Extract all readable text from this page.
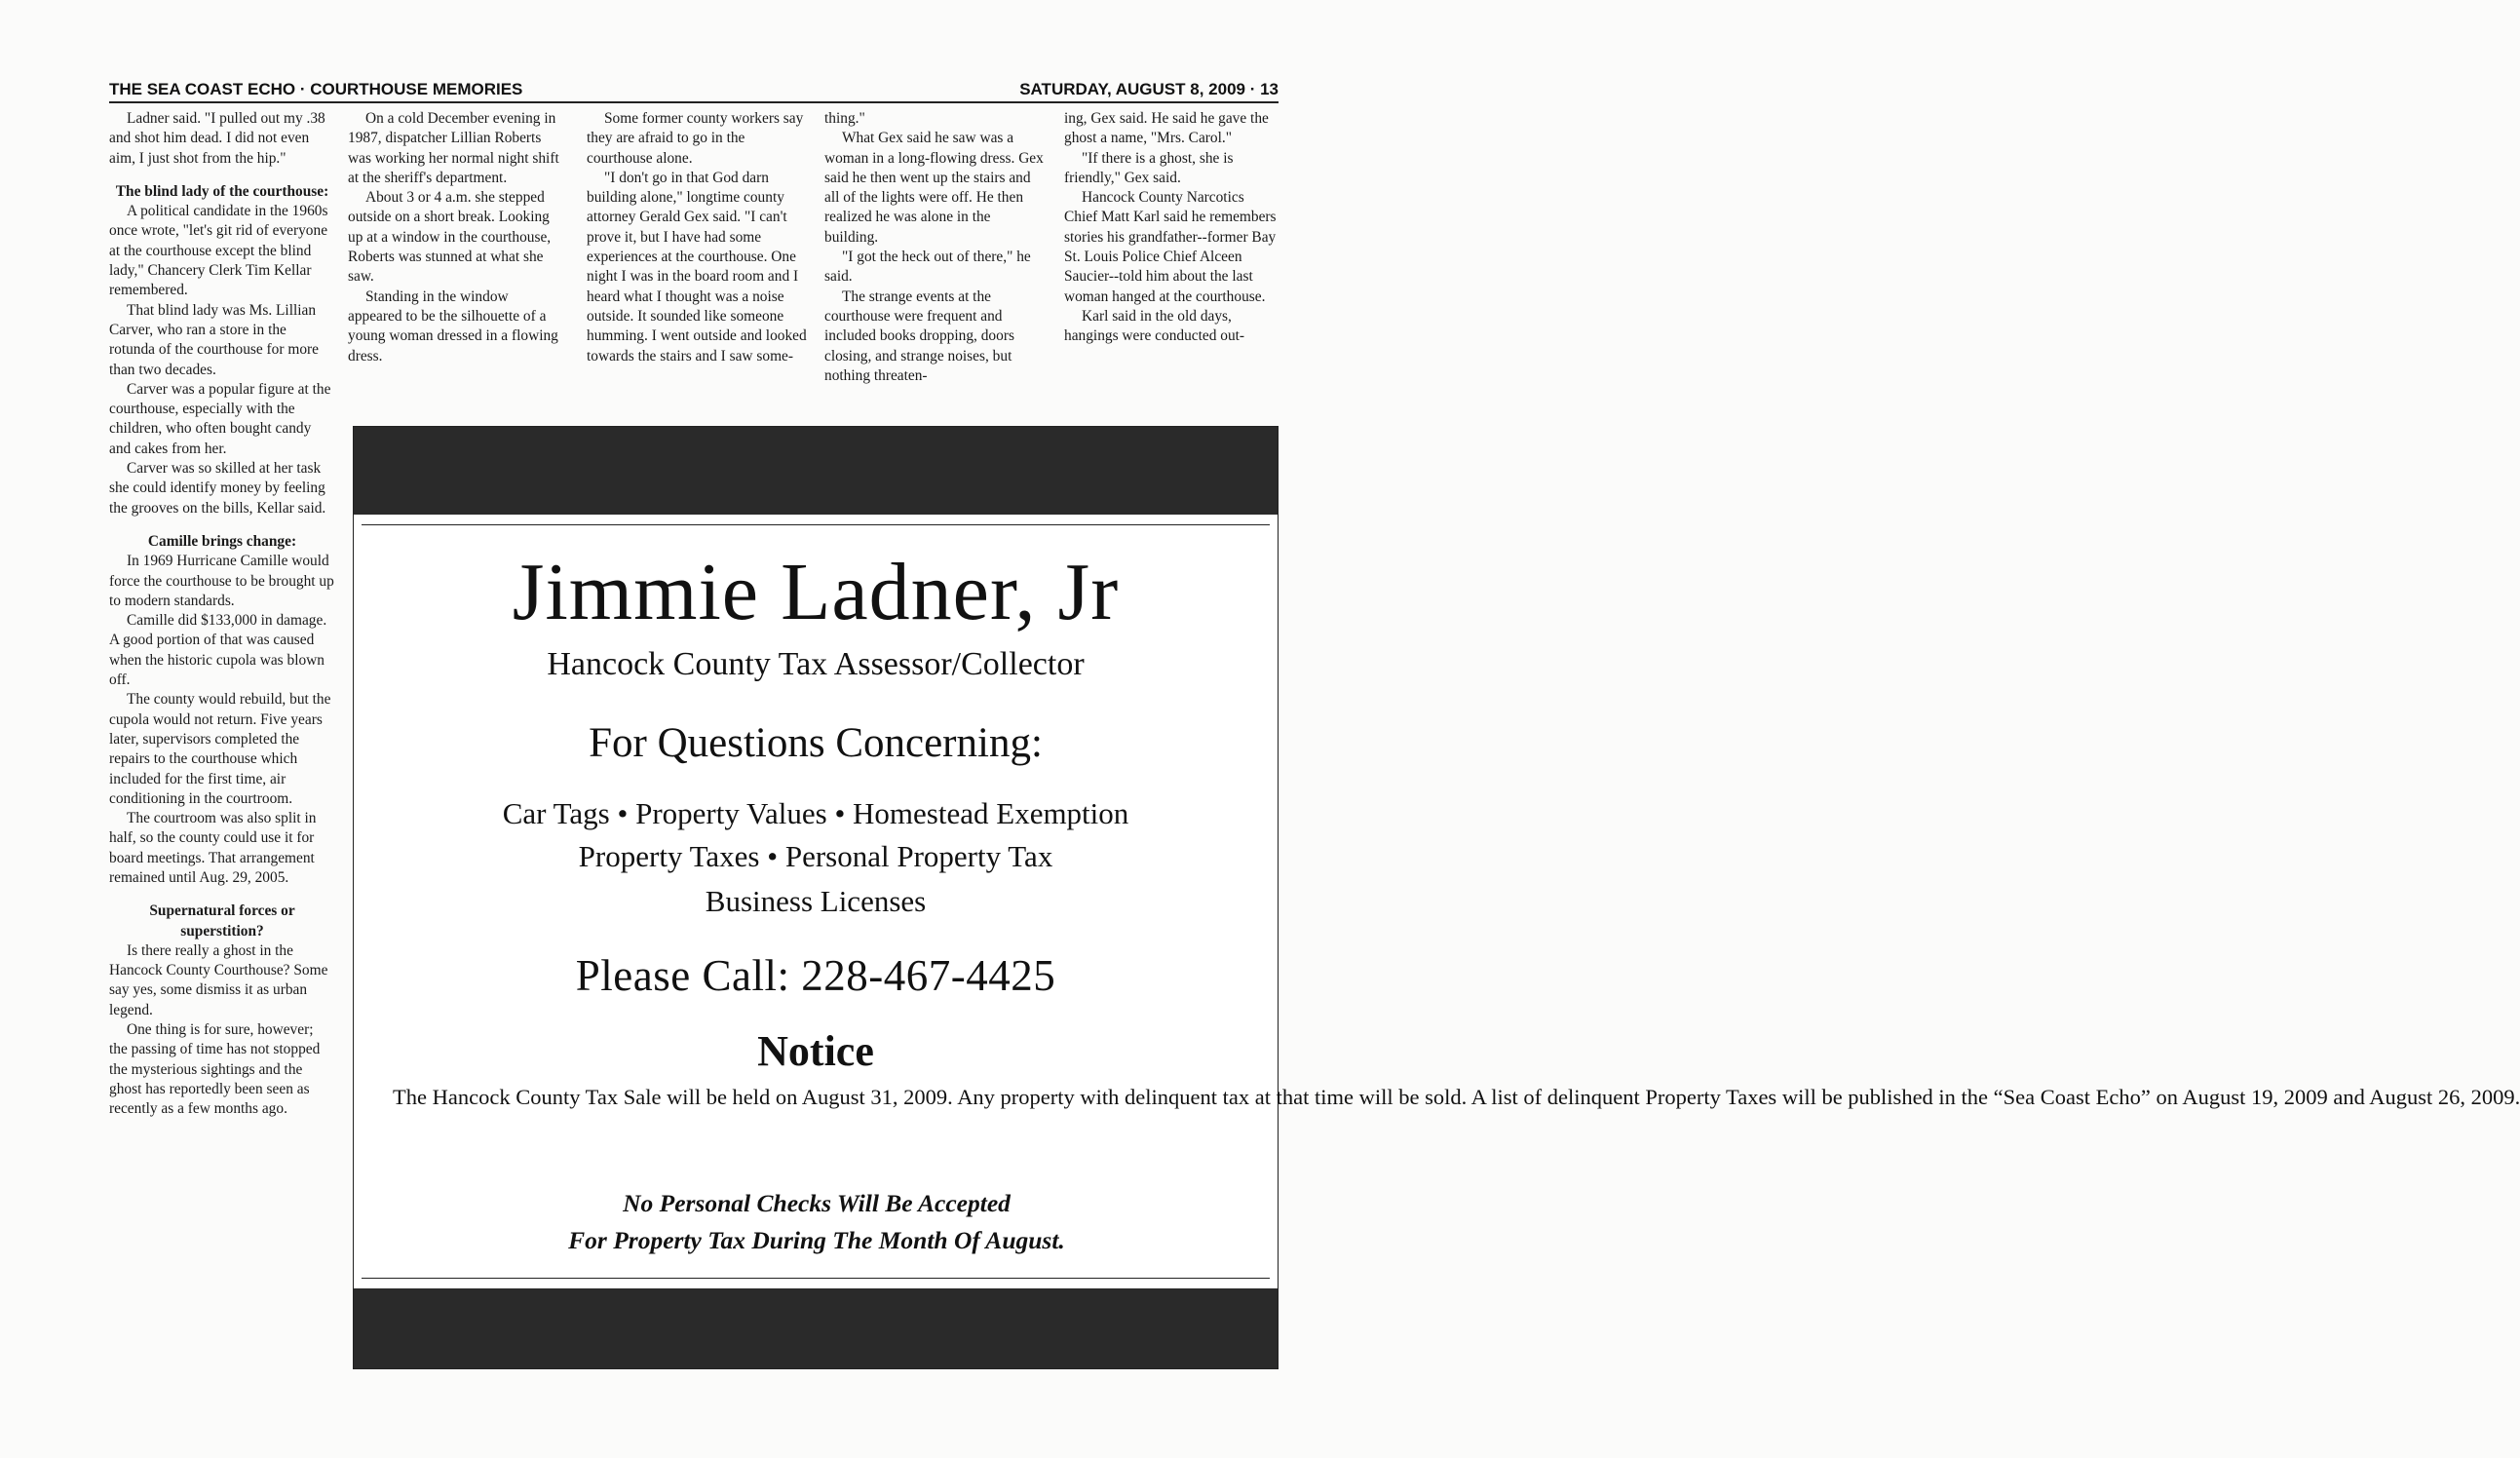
THE SEA COAST ECHO · COURTHOUSE MEMORIES	SATURDAY, AUGUST 8, 2009 · 13

Ladner said. "I pulled out my .38 and shot him dead. I did not even aim, I just shot from the hip."

The blind lady of the courthouse:

A political candidate in the 1960s once wrote, "let's git rid of everyone at the courthouse except the blind lady," Chancery Clerk Tim Kellar remembered.

That blind lady was Ms. Lillian Carver, who ran a store in the rotunda of the courthouse for more than two decades.

Carver was a popular figure at the courthouse, especially with the children, who often bought candy and cakes from her.

Carver was so skilled at her task she could identify money by feeling the grooves on the bills, Kellar said.

Camille brings change:

In 1969 Hurricane Camille would force the courthouse to be brought up to modern standards.

Camille did $133,000 in damage. A good portion of that was caused when the historic cupola was blown off.

The county would rebuild, but the cupola would not return. Five years later, supervisors completed the repairs to the courthouse which included for the first time, air conditioning in the courtroom.

The courtroom was also split in half, so the county could use it for board meetings. That arrangement remained until Aug. 29, 2005.

Supernatural forces or superstition?

Is there really a ghost in the Hancock County Courthouse? Some say yes, some dismiss it as urban legend.

One thing is for sure, however; the passing of time has not stopped the mysterious sightings and the ghost has reportedly been seen as recently as a few months ago.

On a cold December evening in 1987, dispatcher Lillian Roberts was working her normal night shift at the sheriff's department.

About 3 or 4 a.m. she stepped outside on a short break. Looking up at a window in the courthouse, Roberts was stunned at what she saw.

Standing in the window appeared to be the silhouette of a young woman dressed in a flowing dress.

Some former county workers say they are afraid to go in the courthouse alone.

"I don't go in that God darn building alone," longtime county attorney Gerald Gex said. "I can't prove it, but I have had some experiences at the courthouse. One night I was in the board room and I heard what I thought was a noise outside. It sounded like someone humming. I went outside and looked towards the stairs and I saw some-

thing."

What Gex said he saw was a woman in a long-flowing dress. Gex said he then went up the stairs and all of the lights were off. He then realized he was alone in the building.

"I got the heck out of there," he said.

The strange events at the courthouse were frequent and included books dropping, doors closing, and strange noises, but nothing threaten-

ing, Gex said. He said he gave the ghost a name, "Mrs. Carol."

"If there is a ghost, she is friendly," Gex said.

Hancock County Narcotics Chief Matt Karl said he remembers stories his grandfather--former Bay St. Louis Police Chief Alceen Saucier--told him about the last woman hanged at the courthouse.

Karl said in the old days, hangings were conducted out-

Jimmie Ladner, Jr
Hancock County Tax Assessor/Collector
For Questions Concerning:
Car Tags • Property Values • Homestead Exemption
Property Taxes • Personal Property Tax
Business Licenses
Please Call: 228-467-4425
Notice
The Hancock County Tax Sale will be held on August 31, 2009. Any property with delinquent tax at that time will be sold. A list of delinquent Property Taxes will be published in the “Sea Coast Echo” on August 19, 2009 and August 26, 2009.
No Personal Checks Will Be Accepted
For Property Tax During The Month Of August.
